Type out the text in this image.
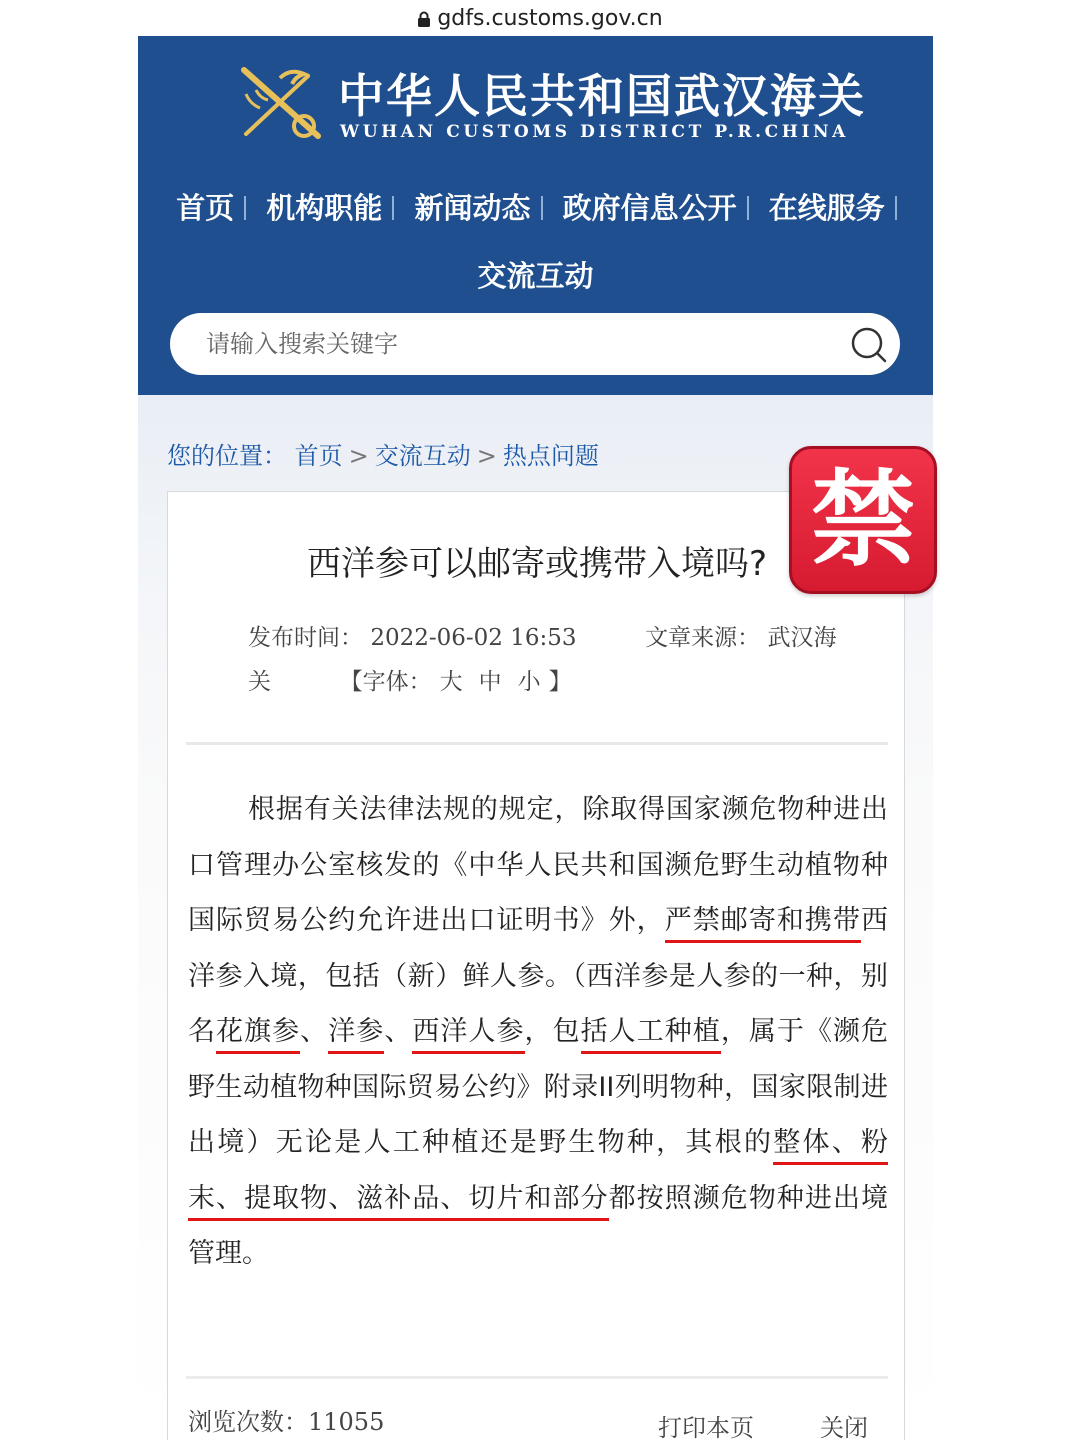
gdfs.customs.gov.cn
中华人民共和国武汉海关
WUHAN CUSTOMS DISTRICT P.R.CHINA
首页 机构职能 新闻动态 政府信息公开 在线服务
交流互动
请输入搜索关键字
您的位置： 首页 > 交流互动 > 热点问题
禁
西洋参可以邮寄或携带入境吗?
发布时间： 2022-06-02 16:53	文章来源： 武汉海关	【字体： 大 中 小 】
根据有关法律法规的规定，除取得国家濒危物种进出口管理办公室核发的《中华人民共和国濒危野生动植物种国际贸易公约允许进出口证明书》外，严禁邮寄和携带西洋参入境，包括（新）鲜人参。（西洋参是人参的一种，别名花旗参、洋参、西洋人参，包括人工种植，属于《濒危野生动植物种国际贸易公约》附录II列明物种，国家限制进出境）无论是人工种植还是野生物种，其根的整体、粉末、提取物、滋补品、切片和部分都按照濒危物种进出境管理。
浏览次数：11055	打印本页	关闭
